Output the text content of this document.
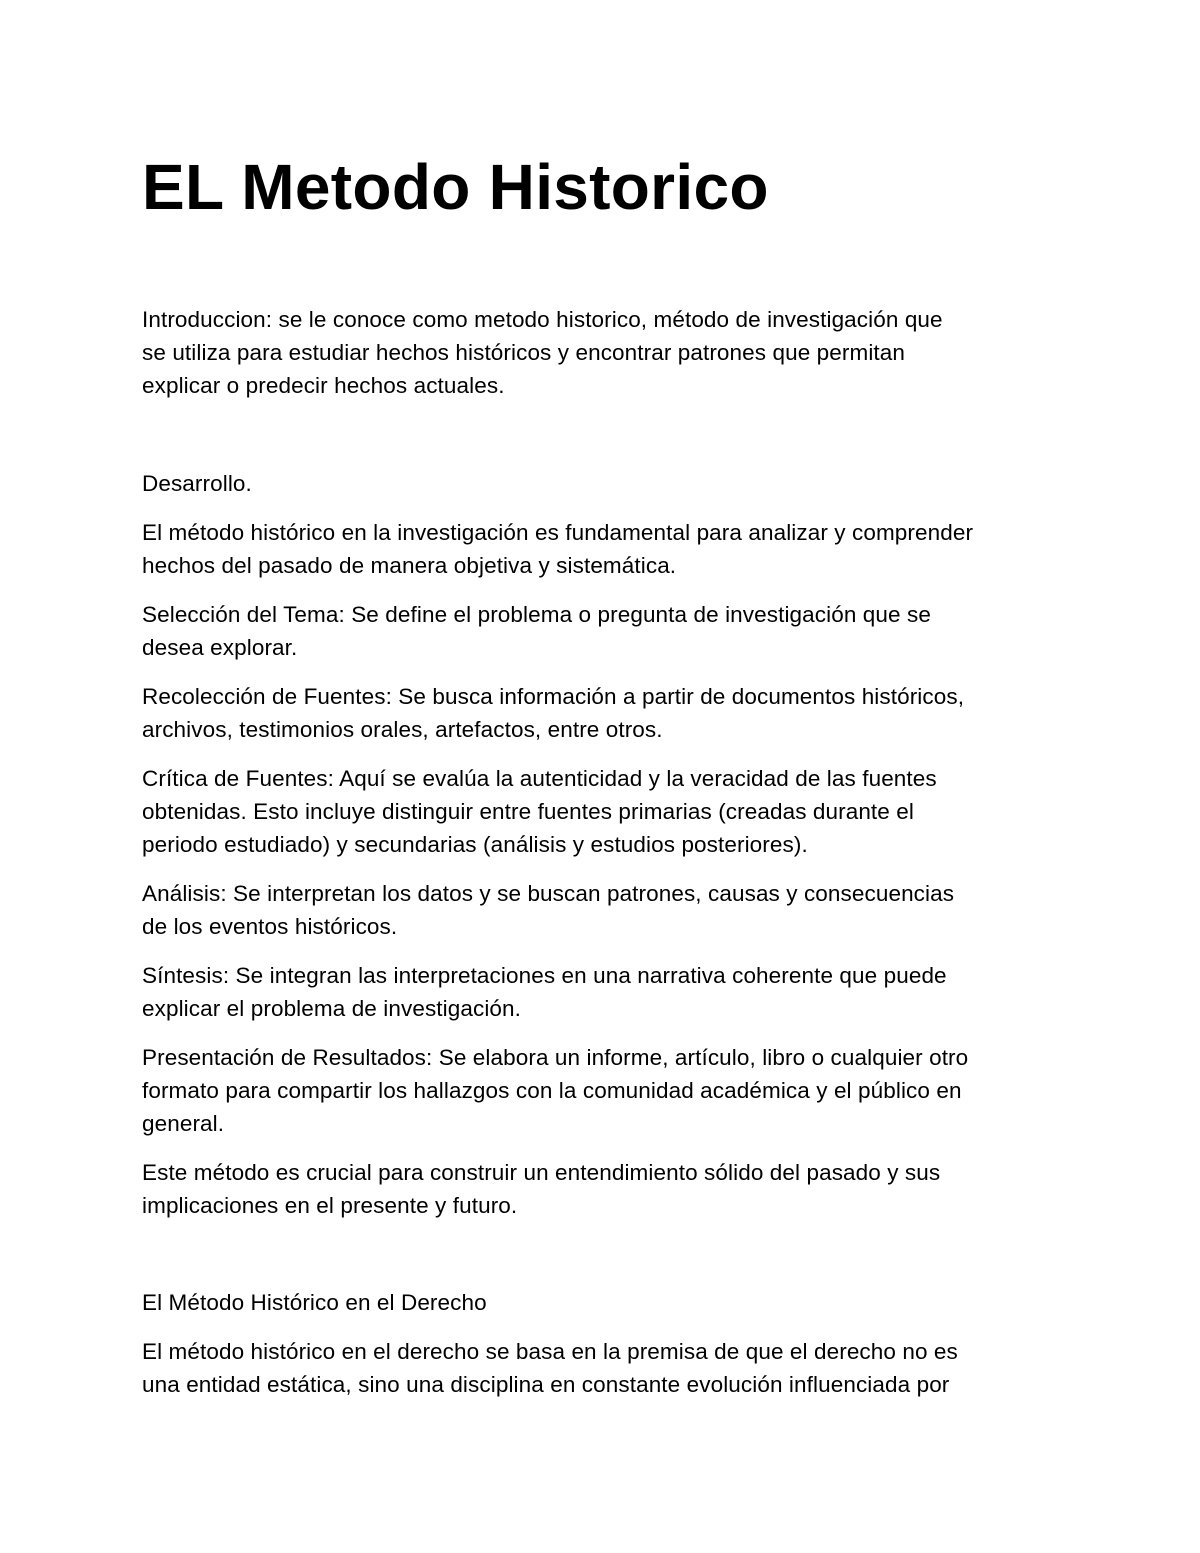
EL Metodo Historico

Introduccion: se le conoce como metodo historico, método de investigación que
se utiliza para estudiar hechos históricos y encontrar patrones que permitan
explicar o predecir hechos actuales.

Desarrollo.

El método histórico en la investigación es fundamental para analizar y comprender
hechos del pasado de manera objetiva y sistemática.

Selección del Tema: Se define el problema o pregunta de investigación que se
desea explorar.

Recolección de Fuentes: Se busca información a partir de documentos históricos,
archivos, testimonios orales, artefactos, entre otros.

Crítica de Fuentes: Aquí se evalúa la autenticidad y la veracidad de las fuentes
obtenidas. Esto incluye distinguir entre fuentes primarias (creadas durante el
periodo estudiado) y secundarias (análisis y estudios posteriores).

Análisis: Se interpretan los datos y se buscan patrones, causas y consecuencias
de los eventos históricos.

Síntesis: Se integran las interpretaciones en una narrativa coherente que puede
explicar el problema de investigación.

Presentación de Resultados: Se elabora un informe, artículo, libro o cualquier otro
formato para compartir los hallazgos con la comunidad académica y el público en
general.

Este método es crucial para construir un entendimiento sólido del pasado y sus
implicaciones en el presente y futuro.

El Método Histórico en el Derecho

El método histórico en el derecho se basa en la premisa de que el derecho no es
una entidad estática, sino una disciplina en constante evolución influenciada por
